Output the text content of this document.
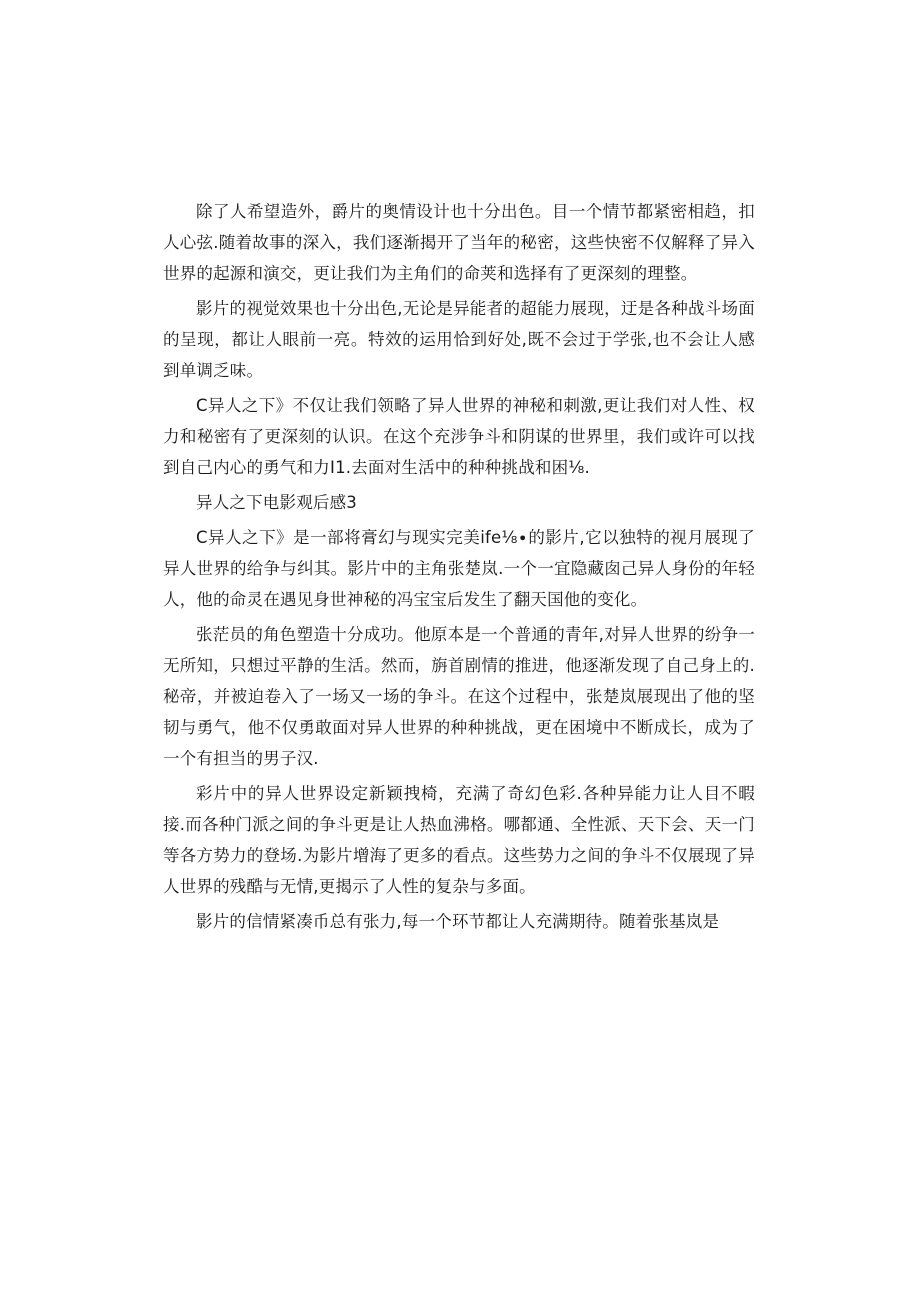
除了人希望造外，爵片的奥情设计也十分出色。目一个情节都紧密相趋，扣人心弦.随着故事的深入，我们逐渐揭开了当年的秘密，这些快密不仅解释了异入世界的起源和演交，更让我们为主角们的命荚和选择有了更深刻的理整。

影片的视觉效果也十分出色,无论是异能者的超能力展现，迂是各种战斗场面的呈现，都让人眼前一亮。特效的运用恰到好处,既不会过于学张,也不会让人感到单调乏味。

C异人之下》不仅让我们领略了异人世界的神秘和刺激,更让我们对人性、权力和秘密有了更深刻的认识。在这个充涉争斗和阴谋的世界里，我们或许可以找到自己内心的勇气和力I1.去面对生活中的种种挑战和困⅛.

异人之下电影观后感3

C异人之下》是一部将膏幻与现实完美ife⅛∙的影片,它以独特的视月展现了异人世界的给争与纠其。影片中的主角张楚岚.一个一宜隐藏囱己异人身份的年轻人，他的命灵在遇见身世神秘的冯宝宝后发生了翻天国他的变化。

张茫员的角色塑造十分成功。他原本是一个普通的青年,对异人世界的纷争一无所知，只想过平静的生活。然而，旃首剧情的推进，他逐渐发现了自己身上的.秘帝，并被迫卷入了一场又一场的争斗。在这个过程中，张楚岚展现出了他的坚韧与勇气，他不仅勇敢面对异人世界的种种挑战，更在困境中不断成长，成为了一个有担当的男子汉.

彩片中的异人世界设定新颖拽椅，充满了奇幻色彩.各种异能力让人目不暇接.而各种门派之间的争斗更是让人热血沸格。哪都通、全性派、天下会、天一门等各方势力的登场.为影片增海了更多的看点。这些势力之间的争斗不仅展现了异人世界的残酷与无情,更揭示了人性的复杂与多面。

影片的信情紧凑币总有张力,每一个环节都让人充满期待。随着张基岚是
